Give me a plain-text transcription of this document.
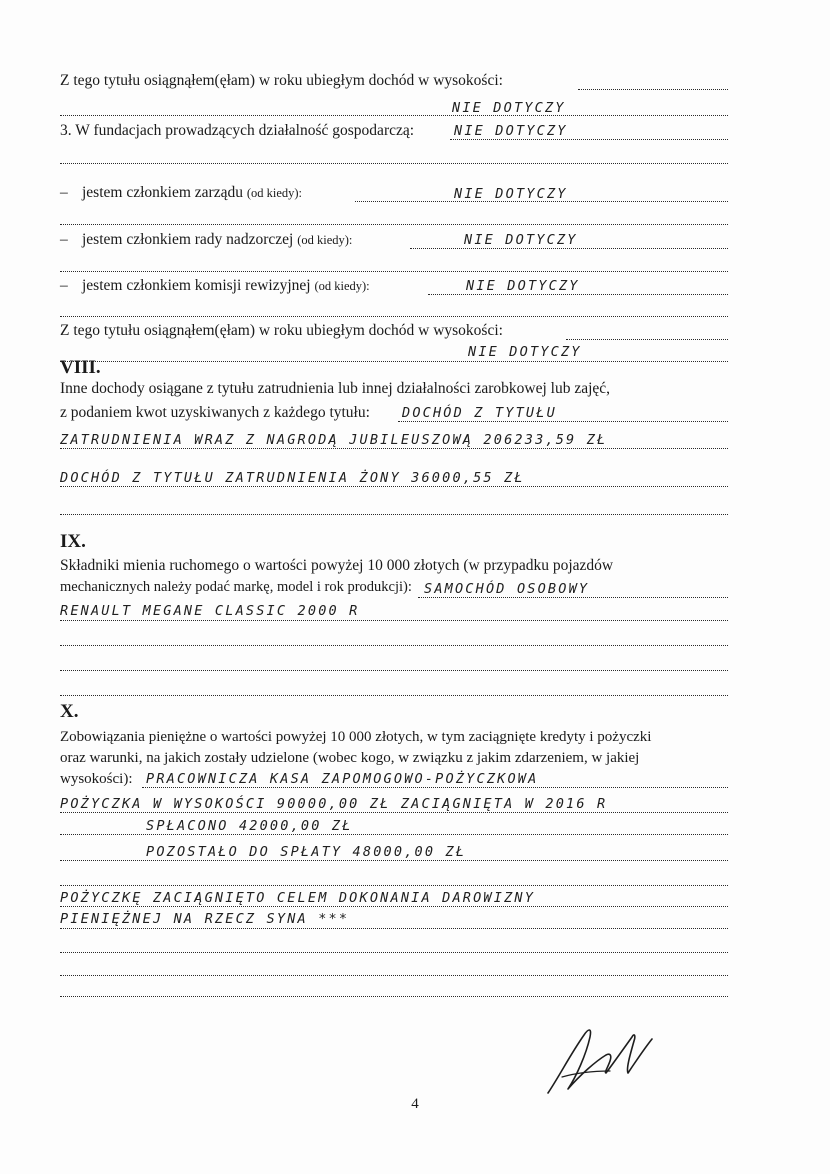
Z tego tytułu osiągnąłem(ęłam) w roku ubiegłym dochód w wysokości:
NIE DOTYCZY
3. W fundacjach prowadzących działalność gospodarczą:	NIE DOTYCZY
– jestem członkiem zarządu (od kiedy):	NIE DOTYCZY
– jestem członkiem rady nadzorczej (od kiedy):	NIE DOTYCZY
– jestem członkiem komisji rewizyjnej (od kiedy):	NIE DOTYCZY
Z tego tytułu osiągnąłem(ęłam) w roku ubiegłym dochód w wysokości:
NIE DOTYCZY
VIII.
Inne dochody osiągane z tytułu zatrudnienia lub innej działalności zarobkowej lub zajęć,
z podaniem kwot uzyskiwanych z każdego tytułu: DOCHÓD Z TYTUŁU
ZATRUDNIENIA WRAZ Z NAGRODĄ JUBILEUSZOWĄ 206233,59 ZŁ
DOCHÓD Z TYTUŁU ZATRUDNIENIA ŻONY 36000,55 ZŁ
IX.
Składniki mienia ruchomego o wartości powyżej 10 000 złotych (w przypadku pojazdów
mechanicznych należy podać markę, model i rok produkcji): SAMOCHÓD OSOBOWY
RENAULT MEGANE CLASSIC 2000 R
X.
Zobowiązania pieniężne o wartości powyżej 10 000 złotych, w tym zaciągnięte kredyty i pożyczki
oraz warunki, na jakich zostały udzielone (wobec kogo, w związku z jakim zdarzeniem, w jakiej
wysokości): PRACOWNICZA KASA ZAPOMOGOWO-POŻYCZKOWA
POŻYCZKA W WYSOKOŚCI 90000,00 ZŁ ZACIĄGNIĘTA W 2016 R
SPŁACONO 42000,00 ZŁ
POZOSTAŁO DO SPŁATY 48000,00 ZŁ
POŻYCZKĘ ZACIĄGNIĘTO CELEM DOKONANIA DAROWIZNY
PIENIĘŻNEJ NA RZECZ SYNA ***
4
